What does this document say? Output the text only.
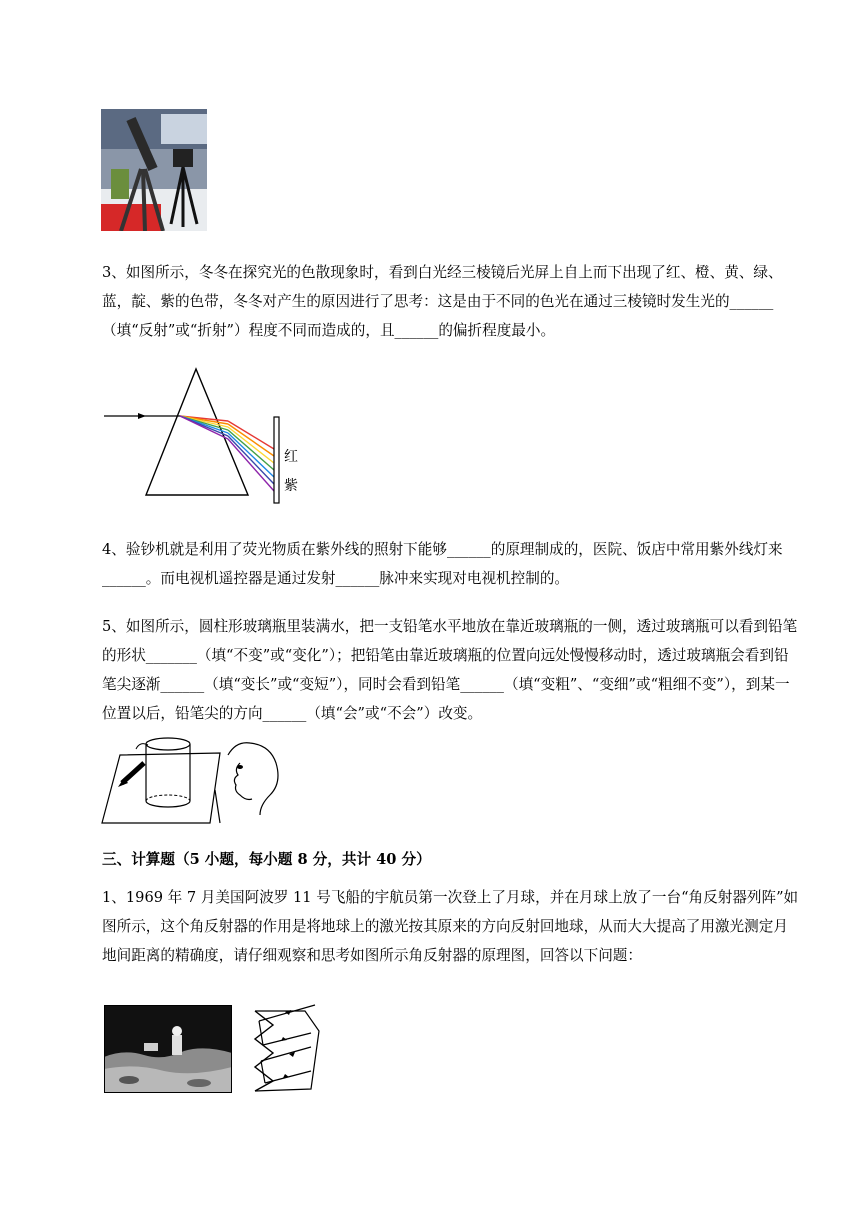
3、如图所示，冬冬在探究光的色散现象时，看到白光经三棱镜后光屏上自上而下出现了红、橙、黄、绿、蓝，靛、紫的色带，冬冬对产生的原因进行了思考：这是由于不同的色光在通过三棱镜时发生光的______（填“反射”或“折射”）程度不同而造成的，且______的偏折程度最小。

红
紫

4、验钞机就是利用了荧光物质在紫外线的照射下能够______的原理制成的，医院、饭店中常用紫外线灯来______。而电视机遥控器是通过发射______脉冲来实现对电视机控制的。

5、如图所示，圆柱形玻璃瓶里装满水，把一支铅笔水平地放在靠近玻璃瓶的一侧，透过玻璃瓶可以看到铅笔的形状_______（填“不变”或“变化”）；把铅笔由靠近玻璃瓶的位置向远处慢慢移动时，透过玻璃瓶会看到铅笔尖逐渐______（填“变长”或“变短”），同时会看到铅笔______（填“变粗”、“变细”或“粗细不变”），到某一位置以后，铅笔尖的方向______（填“会”或“不会”）改变。

三、计算题（5 小题，每小题 8 分，共计 40 分）

1、1969 年 7 月美国阿波罗 11 号飞船的宇航员第一次登上了月球，并在月球上放了一台“角反射器列阵”如图所示，这个角反射器的作用是将地球上的激光按其原来的方向反射回地球，从而大大提高了用激光测定月地间距离的精确度，请仔细观察和思考如图所示角反射器的原理图，回答以下问题：
